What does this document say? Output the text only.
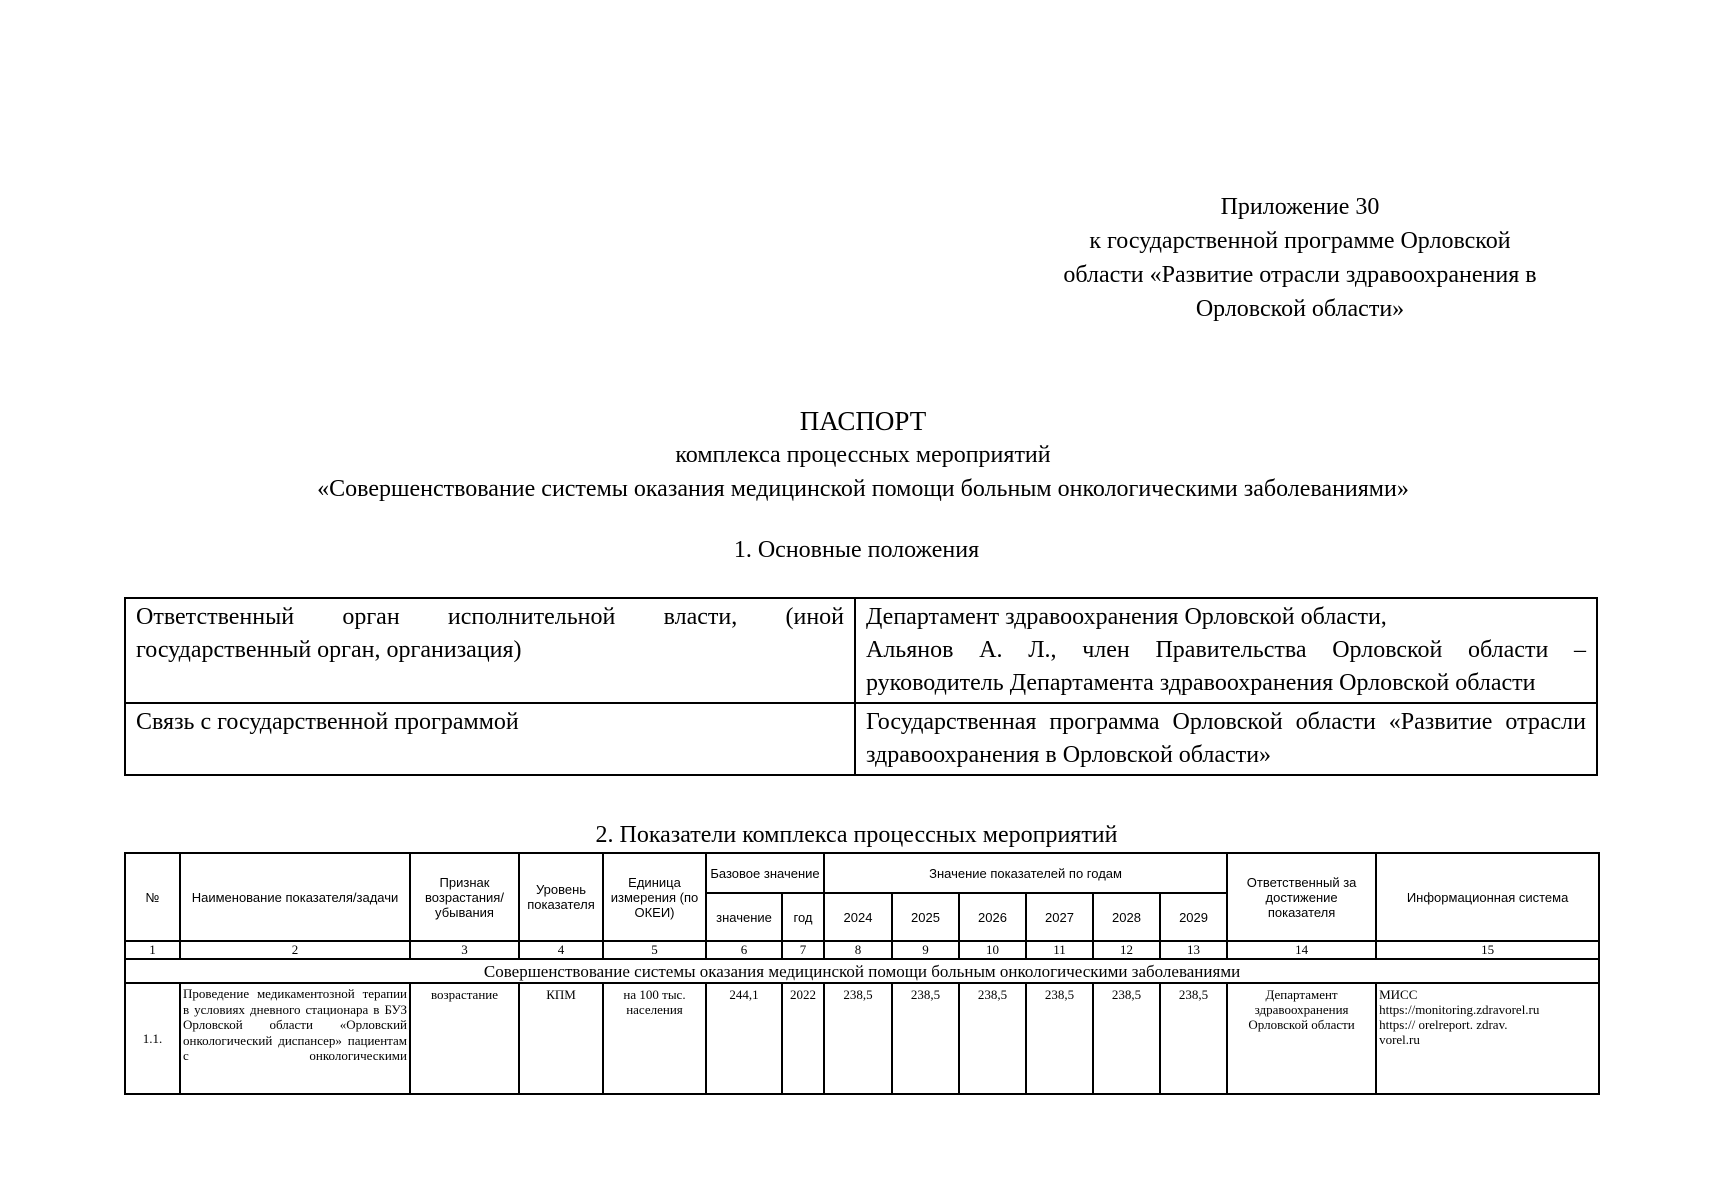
Приложение 30
к государственной программе Орловской
области «Развитие отрасли здравоохранения в
Орловской области»
ПАСПОРТ
комплекса процессных мероприятий
«Совершенствование системы оказания медицинской помощи больным онкологическими заболеваниями»
1. Основные положения
Ответственный орган исполнительной власти, (иной государственный орган, организация)	Департамент здравоохранения Орловской области,
Альянов А. Л., член Правительства Орловской области – руководитель Департамента здравоохранения Орловской области

Связь с государственной программой	Государственная программа Орловской области «Развитие отрасли здравоохранения в Орловской области»
2. Показатели комплекса процессных мероприятий
№	Наименование показателя/задачи	Признак возрастания/ убывания	Уровень показателя	Единица измерения (по ОКЕИ)	Базовое значение		Значение показателей по годам						Ответственный за достижение показателя	Информационная система
					значение	год	2024	2025	2026	2027	2028	2029		
1	2	3	4	5	6	7	8	9	10	11	12	13	14	15
Совершенствование системы оказания медицинской помощи больным онкологическими заболеваниями														
1.1.	Проведение медикаментозной терапии в условиях дневного стационара в БУЗ Орловской области «Орловский онкологический диспансер» пациентам с онкологическими	возрастание	КПМ	на 100 тыс. населения	244,1	2022	238,5	238,5	238,5	238,5	238,5	238,5	Департамент здравоохранения Орловской области	МИСС
https://monitoring.zdravorel.ru
https:// orelreport. zdrav.
vorel.ru
